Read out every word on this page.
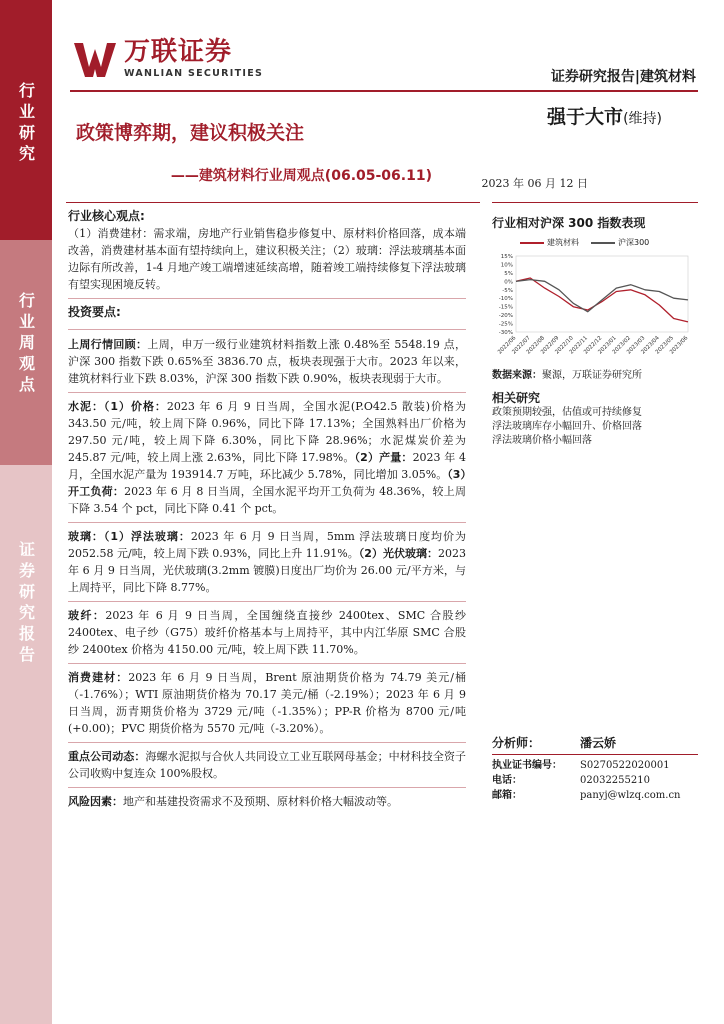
行业研究
行业周观点
证券研究报告
万联证券
WANLIAN SECURITIES	证券研究报告|建筑材料
强于大市(维持)
政策博弈期，建议积极关注
——建筑材料行业周观点(06.05-06.11)	2023 年 06 月 12 日
行业核心观点:

（1）消费建材：需求端，房地产行业销售稳步修复中、原材料价格回落，成本端改善，消费建材基本面有望持续向上，建议积极关注；（2）玻璃：浮法玻璃基本面边际有所改善，1-4 月地产竣工端增速延续高增，随着竣工端持续修复下浮法玻璃有望实现困境反转。

投资要点:

上周行情回顾：上周，申万一级行业建筑材料指数上涨 0.48%至 5548.19 点，沪深 300 指数下跌 0.65%至 3836.70 点，板块表现强于大市。2023 年以来，建筑材料行业下跌 8.03%，沪深 300 指数下跌 0.90%，板块表现弱于大市。

水泥：（1）价格：2023 年 6 月 9 日当周，全国水泥(P.O42.5 散装)价格为 343.50 元/吨，较上周下降 0.96%，同比下降 17.13%；全国熟料出厂价格为 297.50 元/吨，较上周下降 6.30%，同比下降 28.96%；水泥煤炭价差为 245.87 元/吨，较上周上涨 2.63%，同比下降 17.98%。（2）产量：2023 年 4 月，全国水泥产量为 193914.7 万吨，环比减少 5.78%，同比增加 3.05%。（3）开工负荷：2023 年 6 月 8 日当周，全国水泥平均开工负荷为 48.36%，较上周下降 3.54 个 pct，同比下降 0.41 个 pct。

玻璃：（1）浮法玻璃：2023 年 6 月 9 日当周，5mm 浮法玻璃日度均价为 2052.58 元/吨，较上周下跌 0.93%，同比上升 11.91%。（2）光伏玻璃：2023 年 6 月 9 日当周，光伏玻璃(3.2mm 镀膜)日度出厂均价为 26.00 元/平方米，与上周持平，同比下降 8.77%。

玻纤：2023 年 6 月 9 日当周，全国缠绕直接纱 2400tex、SMC 合股纱 2400tex、电子纱（G75）玻纤价格基本与上周持平，其中内江华原 SMC 合股纱 2400tex 价格为 4150.00 元/吨，较上周下跌 11.70%。

消费建材：2023 年 6 月 9 日当周，Brent 原油期货价格为 74.79 美元/桶（-1.76%）；WTI 原油期货价格为 70.17 美元/桶（-2.19%）；2023 年 6 月 9 日当周，沥青期货价格为 3729 元/吨（-1.35%）；PP-R 价格为 8700 元/吨(+0.00)；PVC 期货价格为 5570 元/吨（-3.20%）。

重点公司动态：海螺水泥拟与合伙人共同设立工业互联网母基金；中材科技全资子公司收购中复连众 100%股权。

风险因素：地产和基建投资需求不及预期、原材料价格大幅波动等。

行业相对沪深 300 指数表现
建筑材料	沪深300
15%
10%
5%
0%
-5%
-10%
-15%
-20%
-25%
-30%
2022/06
2022/07
2022/08
2022/09
2022/10
2022/11
2022/12
2023/01
2023/02
2023/03
2023/04
2023/05
2023/06
数据来源：聚源，万联证券研究所
相关研究
政策预期较强，估值或可持续修复
浮法玻璃库存小幅回升、价格回落
浮法玻璃价格小幅回落
分析师：	潘云娇
执业证书编号：	S0270522020001
电话：	02032255210
邮箱：	panyj@wlzq.com.cn
